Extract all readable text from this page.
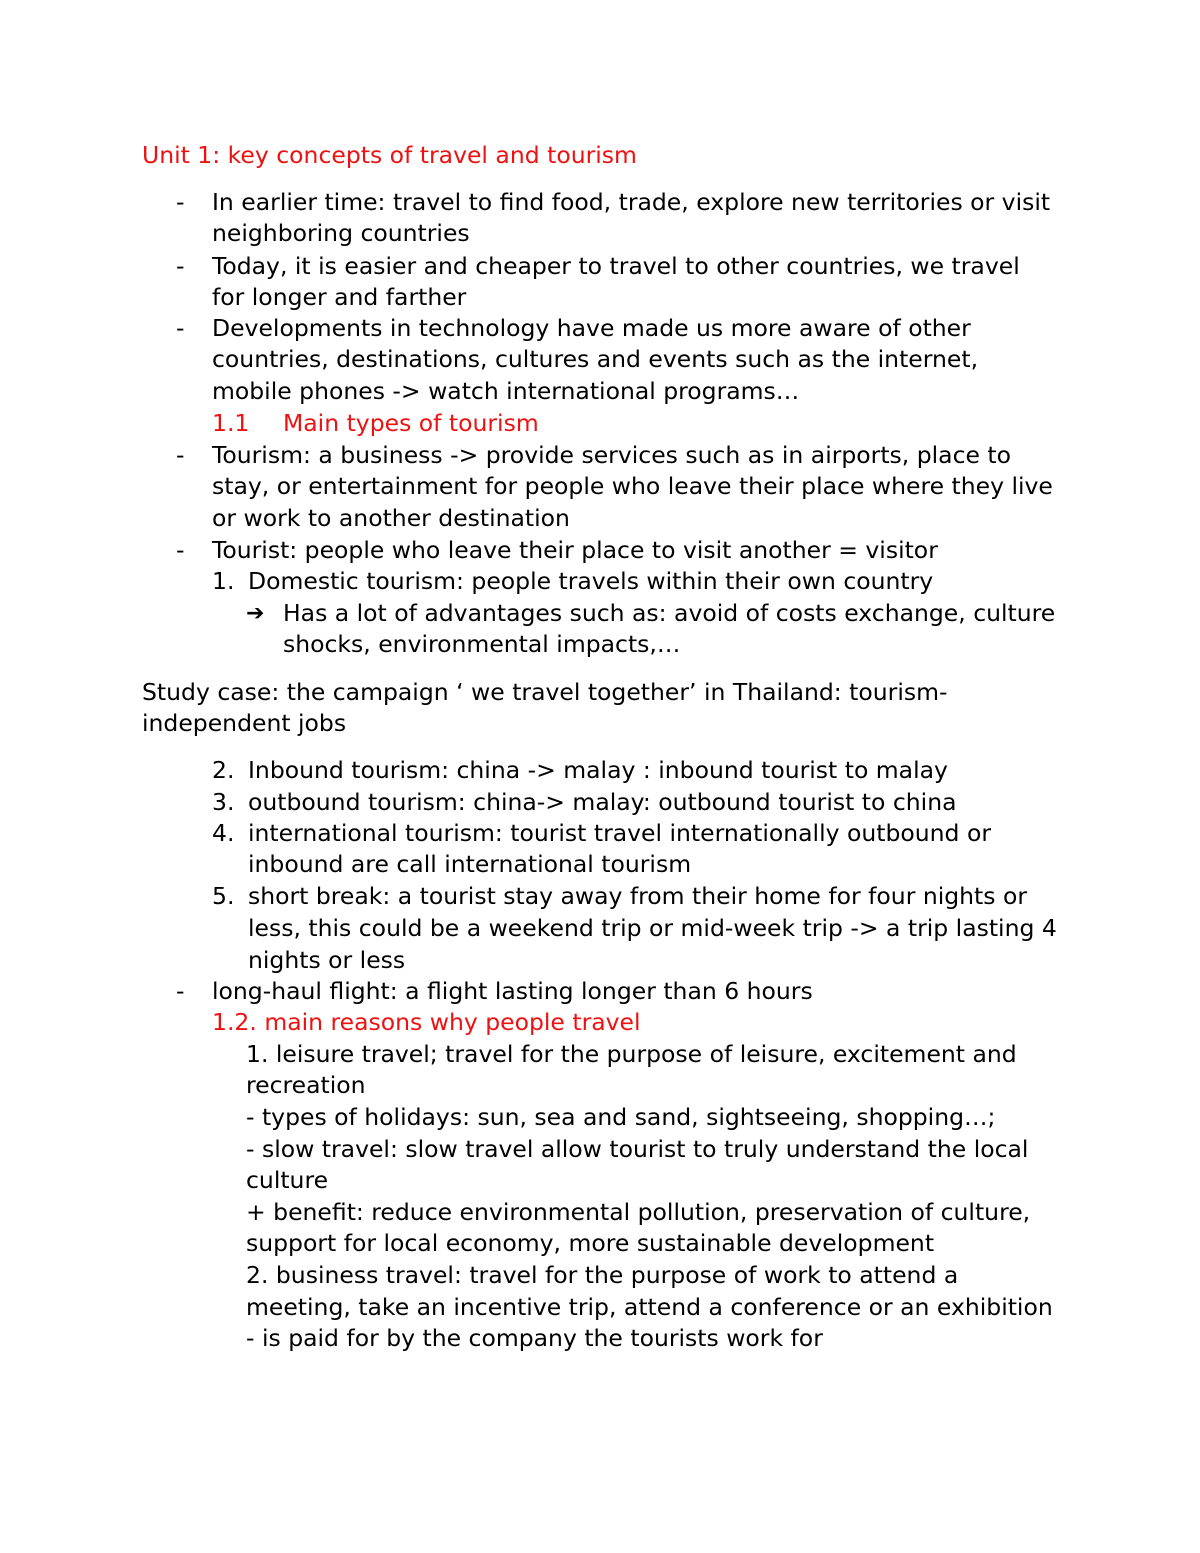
Unit 1: key concepts of travel and tourism
- In earlier time: travel to find food, trade, explore new territories or visit
neighboring countries
- Today, it is easier and cheaper to travel to other countries, we travel
for longer and farther
- Developments in technology have made us more aware of other
countries, destinations, cultures and events such as the internet,
mobile phones -> watch international programs…
1.1 Main types of tourism
- Tourism: a business -> provide services such as in airports, place to
stay, or entertainment for people who leave their place where they live
or work to another destination
- Tourist: people who leave their place to visit another = visitor
1. Domestic tourism: people travels within their own country
➔ Has a lot of advantages such as: avoid of costs exchange, culture
shocks, environmental impacts,…
Study case: the campaign ‘ we travel together’ in Thailand: tourism-
independent jobs
2. Inbound tourism: china -> malay : inbound tourist to malay
3. outbound tourism: china-> malay: outbound tourist to china
4. international tourism: tourist travel internationally outbound or
inbound are call international tourism
5. short break: a tourist stay away from their home for four nights or
less, this could be a weekend trip or mid-week trip -> a trip lasting 4
nights or less
- long-haul flight: a flight lasting longer than 6 hours
1.2. main reasons why people travel
1. leisure travel; travel for the purpose of leisure, excitement and
recreation
- types of holidays: sun, sea and sand, sightseeing, shopping…;
- slow travel: slow travel allow tourist to truly understand the local
culture
+ benefit: reduce environmental pollution, preservation of culture,
support for local economy, more sustainable development
2. business travel: travel for the purpose of work to attend a
meeting, take an incentive trip, attend a conference or an exhibition
- is paid for by the company the tourists work for
